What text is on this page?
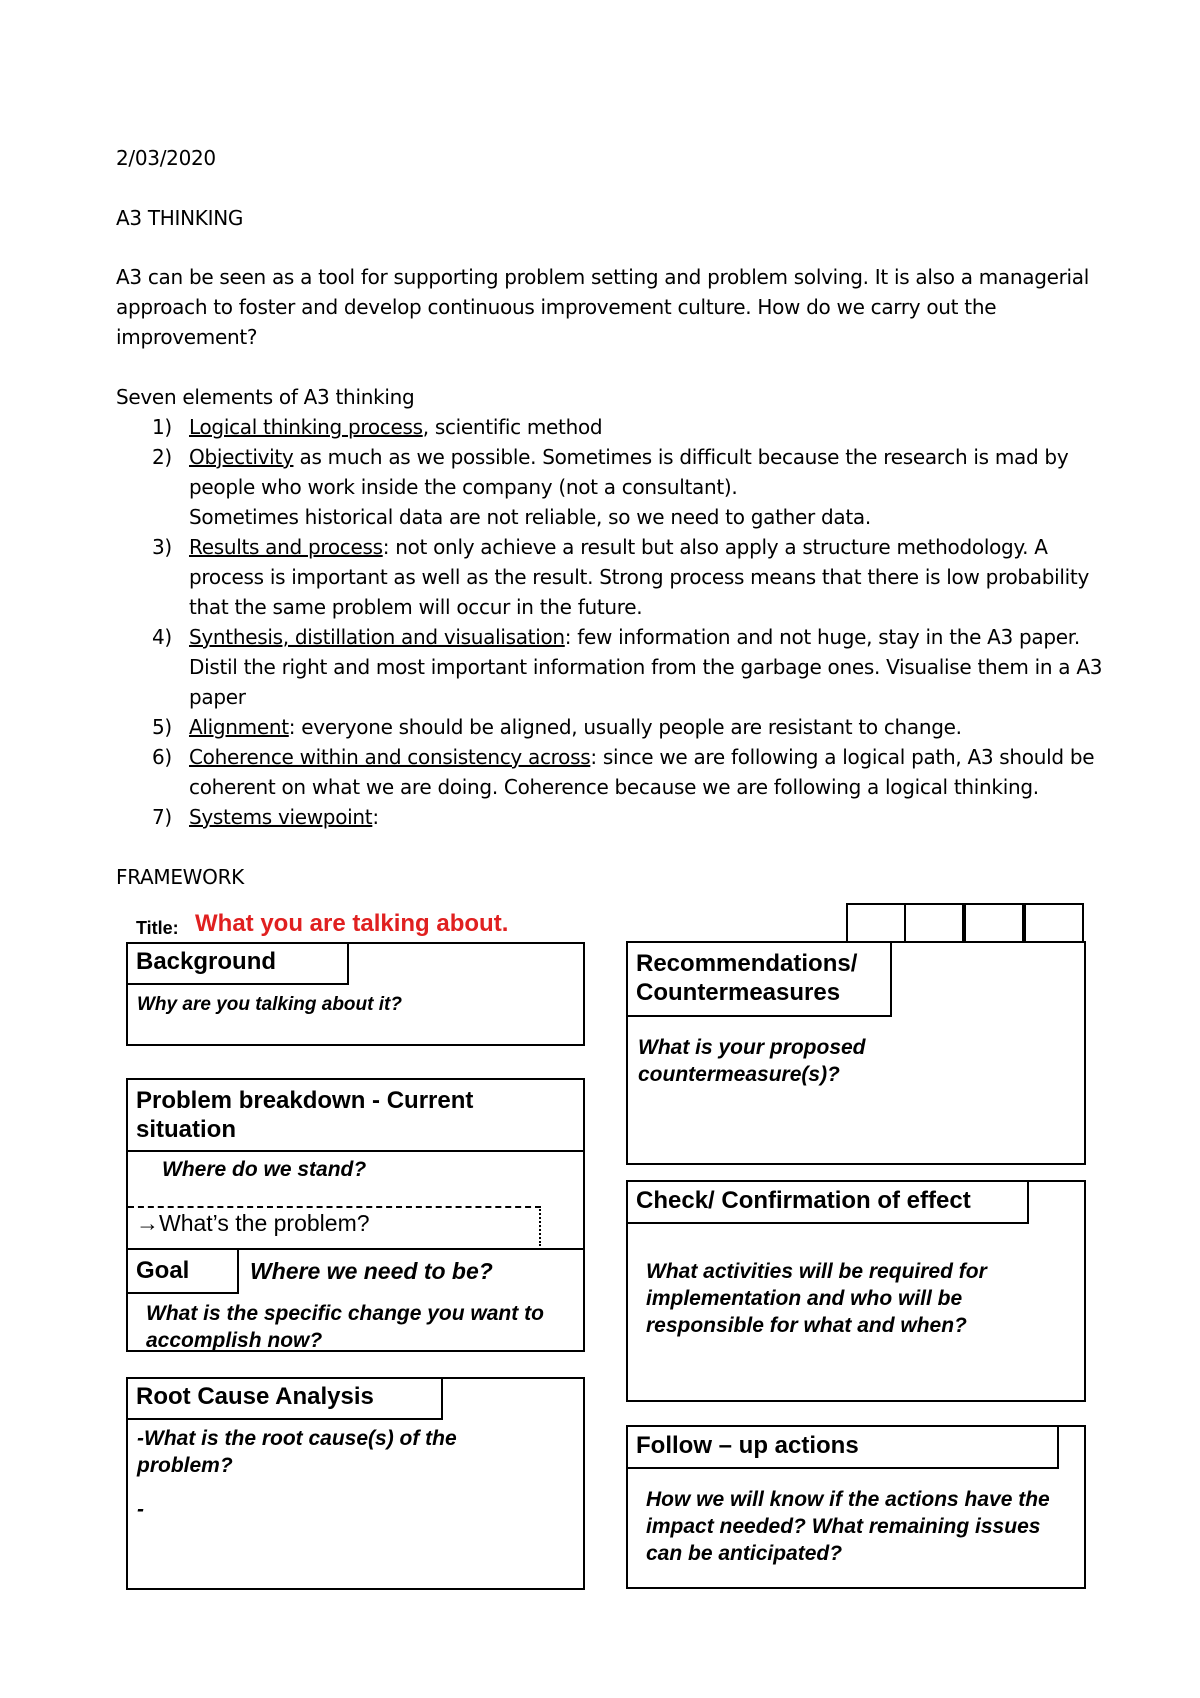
2/03/2020
A3 THINKING
A3 can be seen as a tool for supporting problem setting and problem solving. It is also a managerial approach to foster and develop continuous improvement culture. How do we carry out the improvement?
Seven elements of A3 thinking
1) Logical thinking process, scientific method
2) Objectivity as much as we possible. Sometimes is difficult because the research is mad by people who work inside the company (not a consultant).
Sometimes historical data are not reliable, so we need to gather data.
3) Results and process: not only achieve a result but also apply a structure methodology. A process is important as well as the result. Strong process means that there is low probability that the same problem will occur in the future.
4) Synthesis, distillation and visualisation: few information and not huge, stay in the A3 paper. Distil the right and most important information from the garbage ones. Visualise them in a A3 paper
5) Alignment: everyone should be aligned, usually people are resistant to change.
6) Coherence within and consistency across: since we are following a logical path, A3 should be coherent on what we are doing. Coherence because we are following a logical thinking.
7) Systems viewpoint:
FRAMEWORK
Title: What you are talking about.
Background
Why are you talking about it?
Problem breakdown - Current situation
Where do we stand?
→What’s the problem?
Goal	Where we need to be?
What is the specific change you want to accomplish now?
Root Cause Analysis
-What is the root cause(s) of the problem?
-
Recommendations/ Countermeasures
What is your proposed countermeasure(s)?
Check/ Confirmation of effect
What activities will be required for implementation and who will be responsible for what and when?
Follow – up actions
How we will know if the actions have the impact needed? What remaining issues can be anticipated?
